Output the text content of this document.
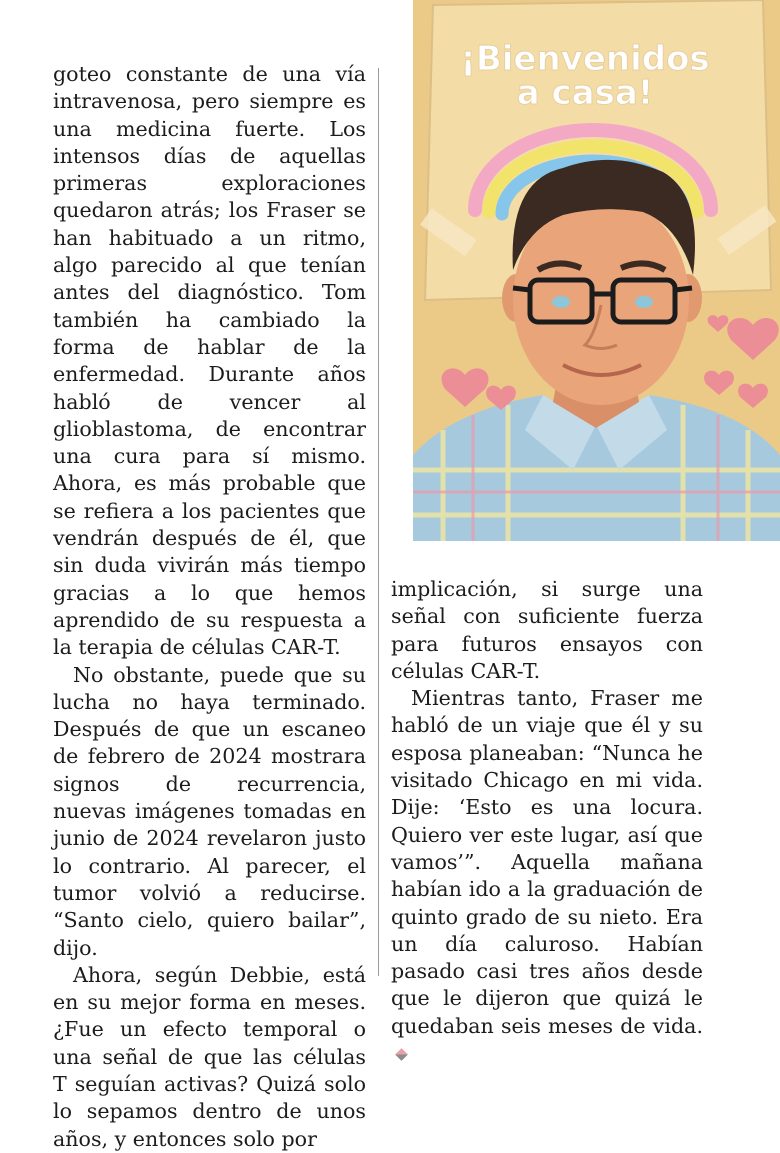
¡Bienvenidos
a casa!

goteo constante de una vía intravenosa, pero siempre es una medicina fuerte. Los intensos días de aquellas primeras exploraciones quedaron atrás; los Fraser se han habituado a un ritmo, algo parecido al que tenían antes del diagnóstico. Tom también ha cambiado la forma de hablar de la enfermedad. Durante años habló de vencer al glioblastoma, de encontrar una cura para sí mismo. Ahora, es más probable que se refiera a los pacientes que vendrán después de él, que sin duda vivirán más tiempo gracias a lo que hemos aprendido de su respuesta a la terapia de células CAR-T.

No obstante, puede que su lucha no haya terminado. Después de que un escaneo de febrero de 2024 mostrara signos de recurrencia, nuevas imágenes tomadas en junio de 2024 revelaron justo lo contrario. Al parecer, el tumor volvió a reducirse. “Santo cielo, quiero bailar”, dijo.

Ahora, según Debbie, está en su mejor forma en meses. ¿Fue un efecto temporal o una señal de que las células T seguían activas? Quizá solo lo sepamos dentro de unos años, y entonces solo por

implicación, si surge una señal con suficiente fuerza para futuros ensayos con células CAR-T.

Mientras tanto, Fraser me habló de un viaje que él y su esposa planeaban: “Nunca he visitado Chicago en mi vida. Dije: ‘Esto es una locura. Quiero ver este lugar, así que vamos’”. Aquella mañana habían ido a la graduación de quinto grado de su nieto. Era un día caluroso. Habían pasado casi tres años desde que le dijeron que quizá le quedaban seis meses de vida.
